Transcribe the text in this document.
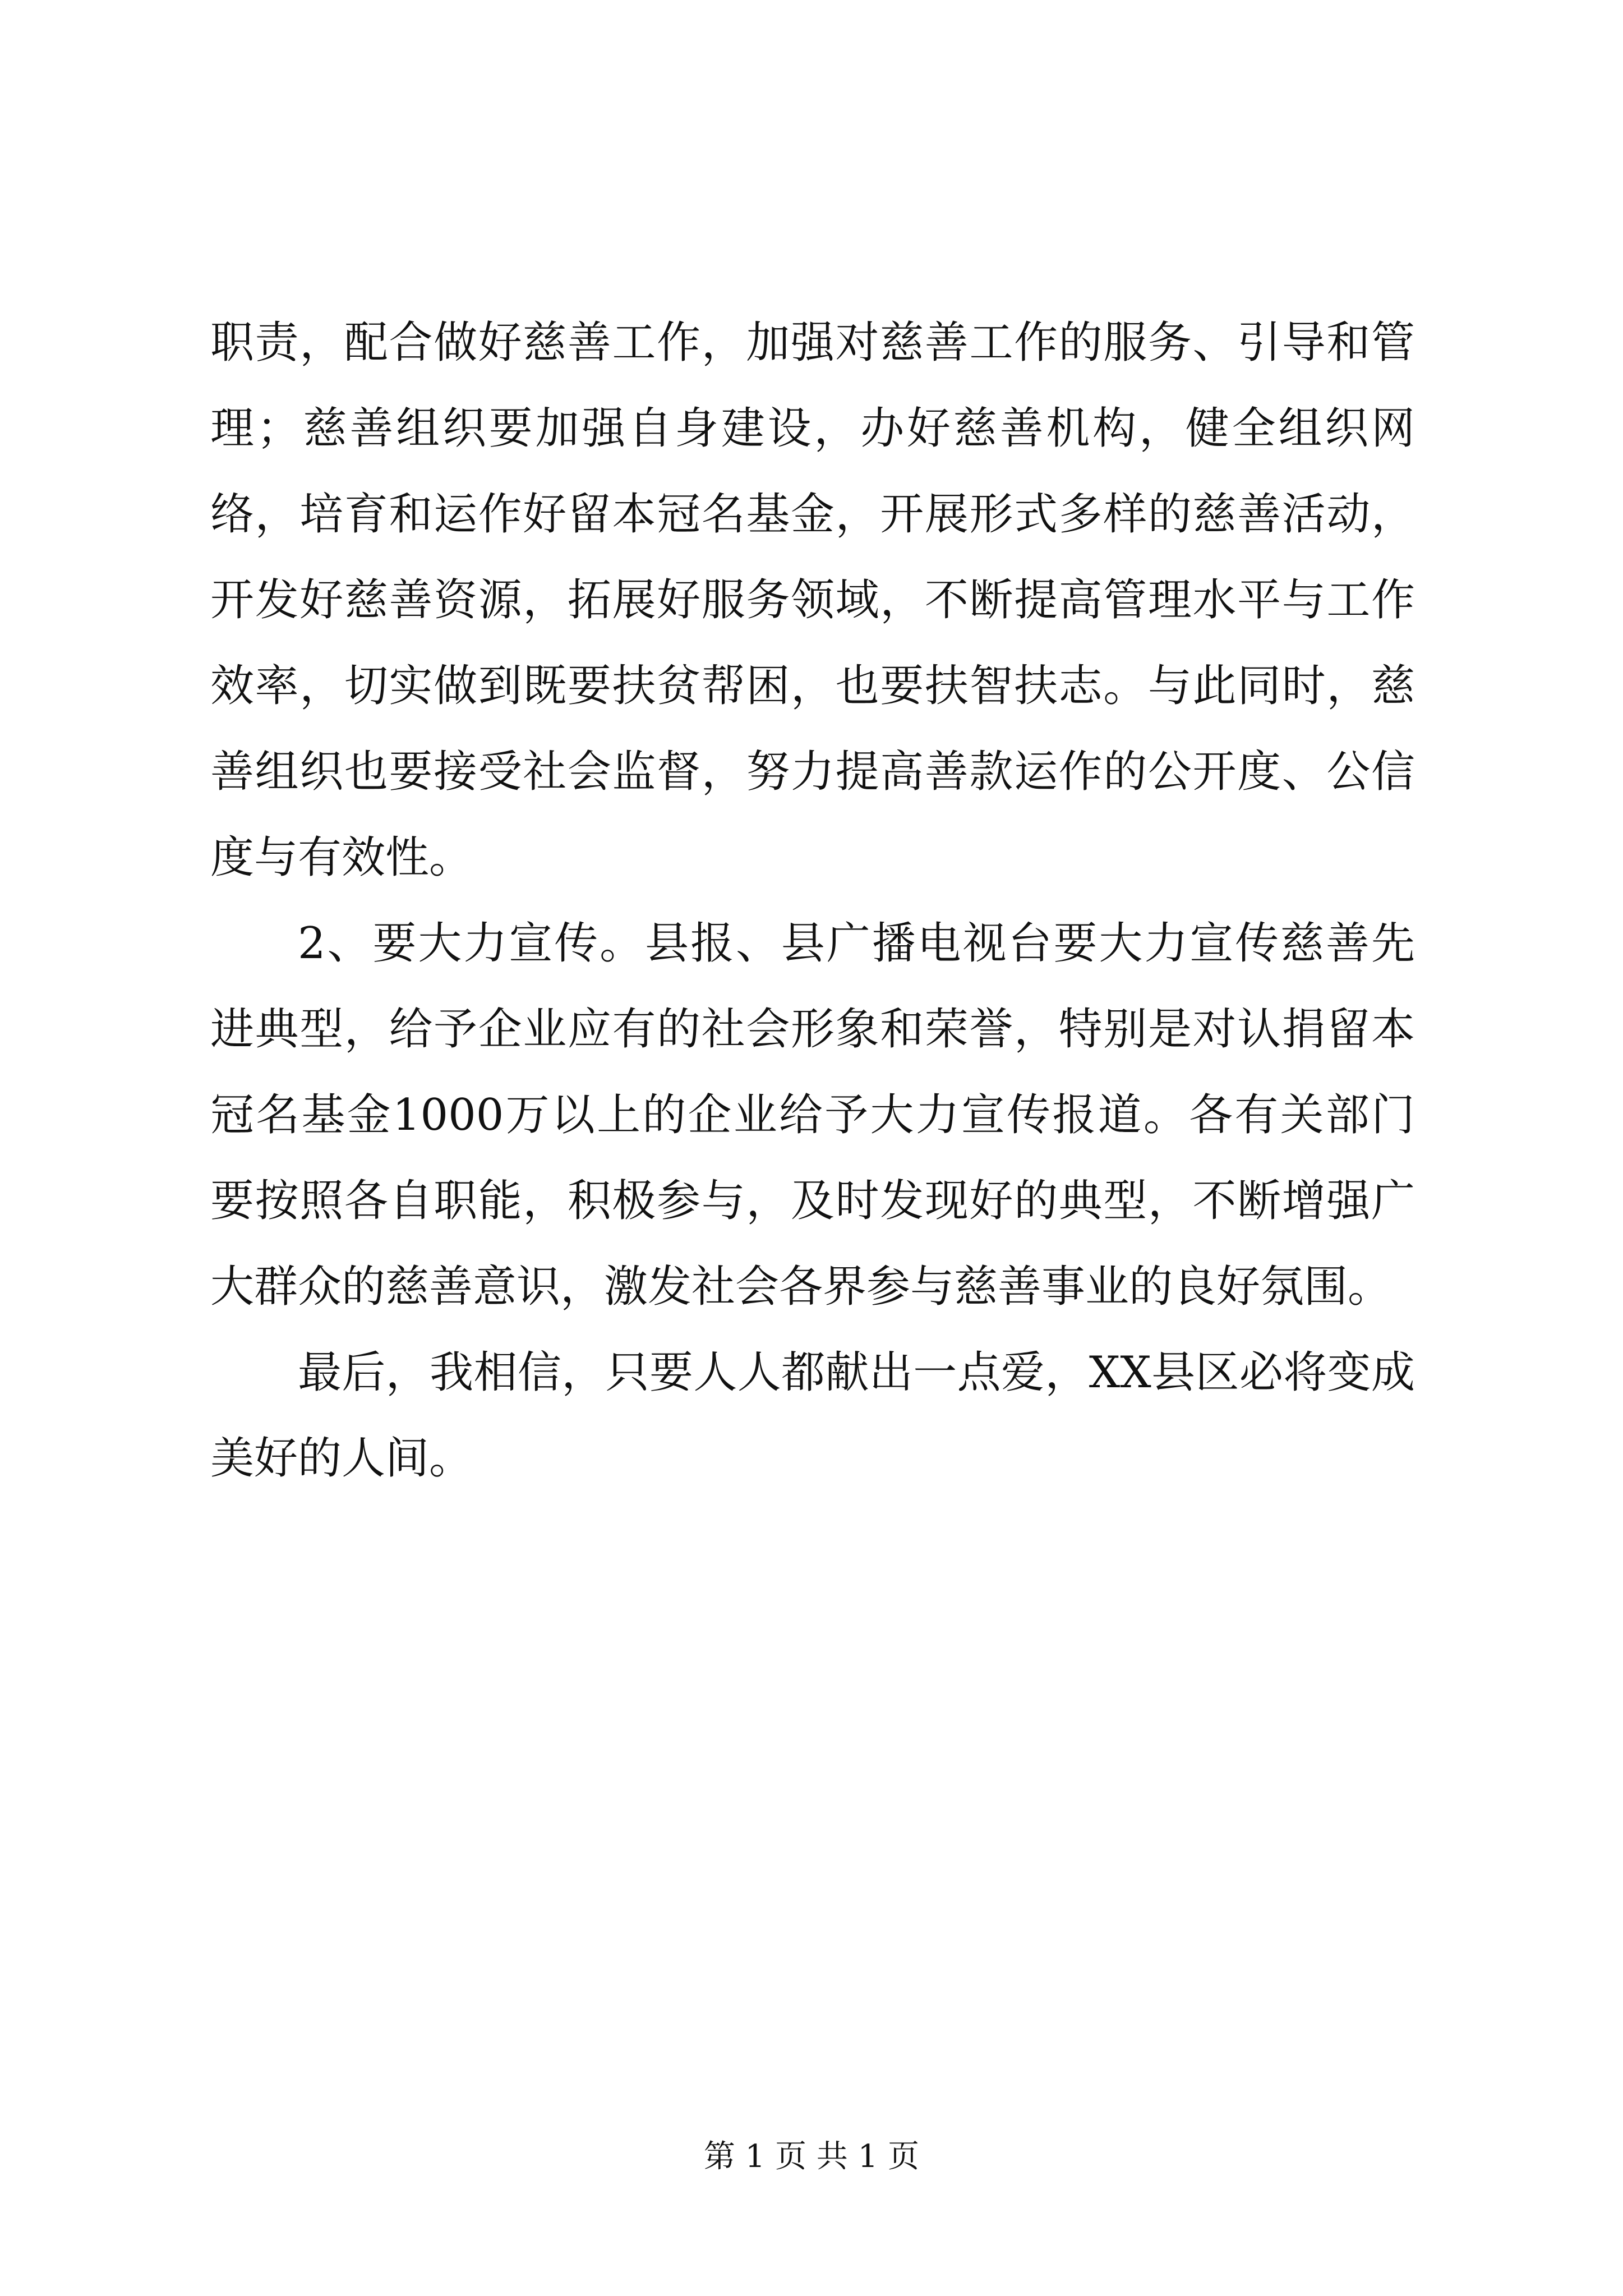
职责，配合做好慈善工作，加强对慈善工作的服务、引导和管理；慈善组织要加强自身建设，办好慈善机构，健全组织网络，培育和运作好留本冠名基金，开展形式多样的慈善活动，开发好慈善资源，拓展好服务领域，不断提高管理水平与工作效率，切实做到既要扶贫帮困，也要扶智扶志。与此同时，慈善组织也要接受社会监督，努力提高善款运作的公开度、公信度与有效性。

2、要大力宣传。县报、县广播电视台要大力宣传慈善先进典型，给予企业应有的社会形象和荣誉，特别是对认捐留本冠名基金1000万以上的企业给予大力宣传报道。各有关部门要按照各自职能，积极参与，及时发现好的典型，不断增强广大群众的慈善意识，激发社会各界参与慈善事业的良好氛围。

最后，我相信，只要人人都献出一点爱，XX县区必将变成美好的人间。

第 1 页 共 1 页
